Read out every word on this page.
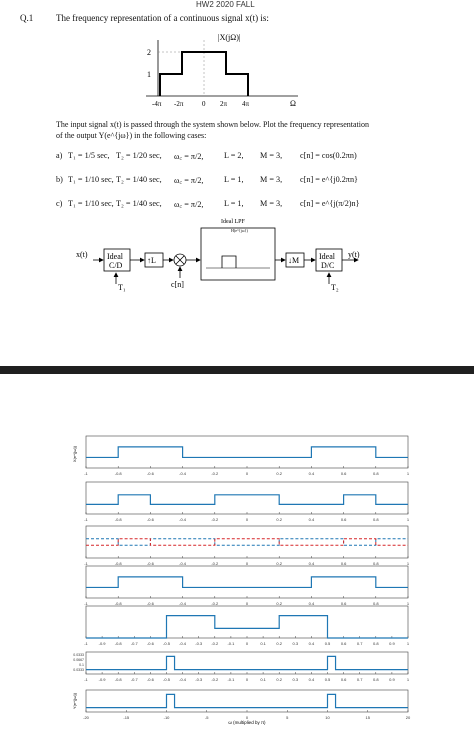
HW2 2020 FALL
Q.1	The frequency representation of a continuous signal x(t) is:
|X(jΩ)|
1
2
-4π -2π	0 2π 4π	Ω
The input signal x(t) is passed through the system shown below. Plot the frequency representation
of the output Y(e^{jω}) in the following cases:
a) T₁ = 1/5 sec, T₂ = 1/20 sec, ω꜀ = π/2,	L = 2, M = 3, c[n] = cos(0.2πn)
b) T₁ = 1/10 sec, T₂ = 1/40 sec, ω꜀ = π/2,	L = 1, M = 3, c[n] = e^{j0.2πn}
c) T₁ = 1/10 sec, T₂ = 1/40 sec, ω꜀ = π/2,	L = 1, M = 3, c[n] = e^{j(π/2)n}
x(t) Ideal
C/D
T₁
↑L
c[n]
Ideal LPF
H(e^{jω})
↓M Ideal
D/C
T₂
y(t)
-1	-0.8	-0.6	-0.4	-0.2	0	0.2	0.4	0.6	0.8	1
-1	-0.8	-0.6	-0.4	-0.2	0	0.2	0.4	0.6	0.8	1
-1	-0.8	-0.6	-0.4	-0.2	0	0.2	0.4	0.6	0.8	1
-1	-0.8	-0.6	-0.4	-0.2	0	0.2	0.4	0.6	0.8	1
-1	-0.9 -0.8 -0.7 -0.6 -0.5 -0.4 -0.3 -0.2 -0.1	0	0.1	0.2	0.3	0.4	0.5	0.6	0.7	0.8	0.9	1
-1	-0.9 -0.8 -0.7 -0.6 -0.5 -0.4 -0.3 -0.2 -0.1	0	0.1	0.2	0.3	0.4	0.5	0.6	0.7	0.8	0.9	1
0.0333
0.0667
0.1
0.0333
-20	-15	-10	-5	0	5	10	15	20
X(e^{jω})
Y(e^{jω})
ω (multiplied by π)
